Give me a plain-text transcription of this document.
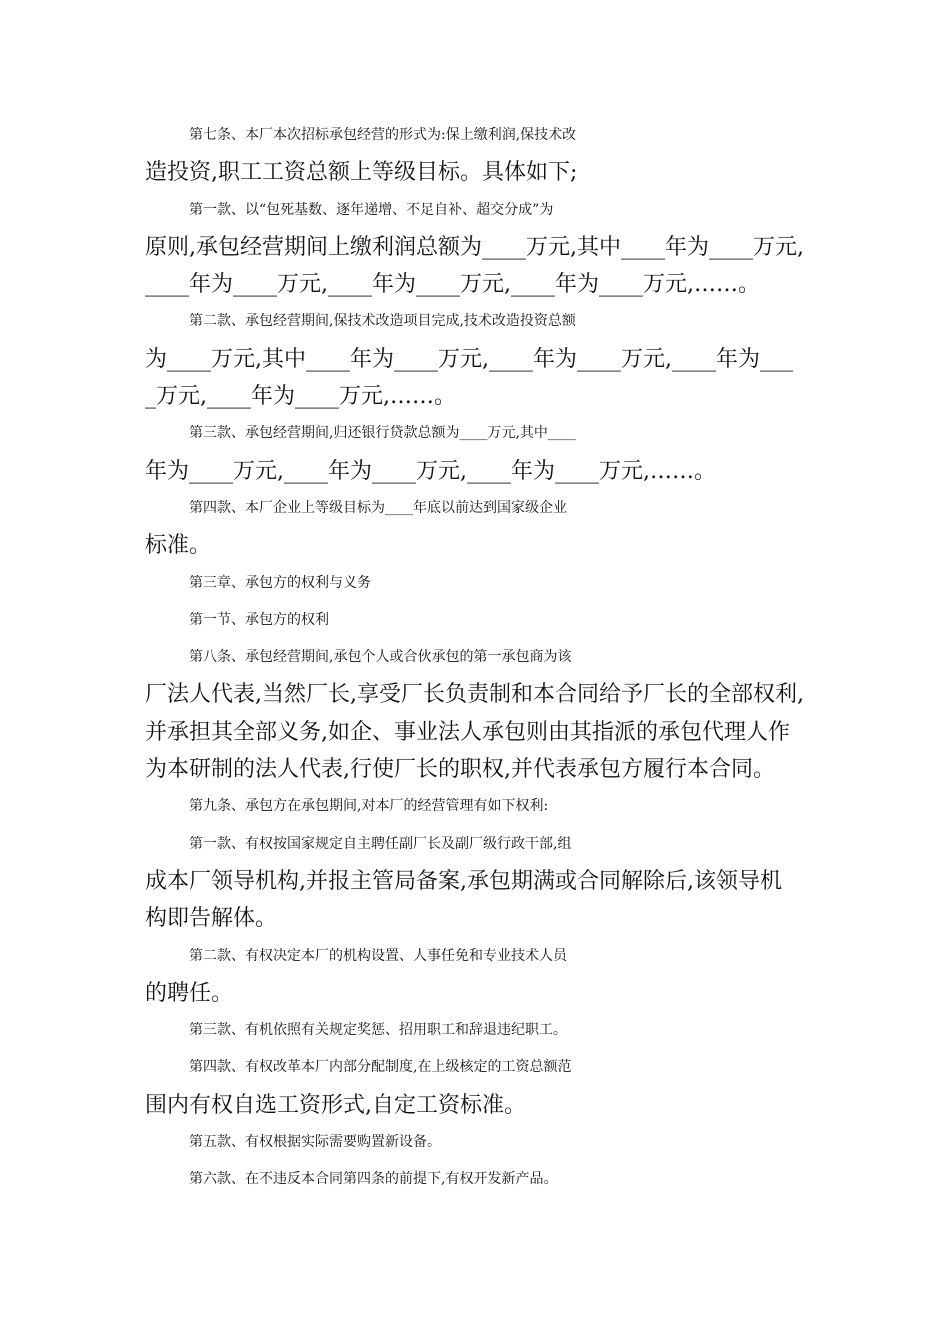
第七条、本厂本次招标承包经营的形式为:保上缴利润,保技术改
造投资,职工工资总额上等级目标。具体如下;
第一款、以“包死基数、逐年递增、不足自补、超交分成”为
原则,承包经营期间上缴利润总额为____万元,其中____年为____万元,
____年为____万元,____年为____万元,____年为____万元,……。
第二款、承包经营期间,保技术改造项目完成,技术改造投资总额
为____万元,其中____年为____万元,____年为____万元,____年为___
_万元,____年为____万元,……。
第三款、承包经营期间,归还银行贷款总额为____万元,其中____
年为____万元,____年为____万元,____年为____万元,……。
第四款、本厂企业上等级目标为____年底以前达到国家级企业
标准。
第三章、承包方的权利与义务
第一节、承包方的权利
第八条、承包经营期间,承包个人或合伙承包的第一承包商为该
厂法人代表,当然厂长,享受厂长负责制和本合同给予厂长的全部权利,
并承担其全部义务,如企、事业法人承包则由其指派的承包代理人作
为本研制的法人代表,行使厂长的职权,并代表承包方履行本合同。
第九条、承包方在承包期间,对本厂的经营管理有如下权利:
第一款、有权按国家规定自主聘任副厂长及副厂级行政干部,组
成本厂领导机构,并报主管局备案,承包期满或合同解除后,该领导机
构即告解体。
第二款、有权决定本厂的机构设置、人事任免和专业技术人员
的聘任。
第三款、有机依照有关规定奖惩、招用职工和辞退违纪职工。
第四款、有权改革本厂内部分配制度,在上级核定的工资总额范
围内有权自选工资形式,自定工资标准。
第五款、有权根据实际需要购置新设备。
第六款、在不违反本合同第四条的前提下,有权开发新产品。
